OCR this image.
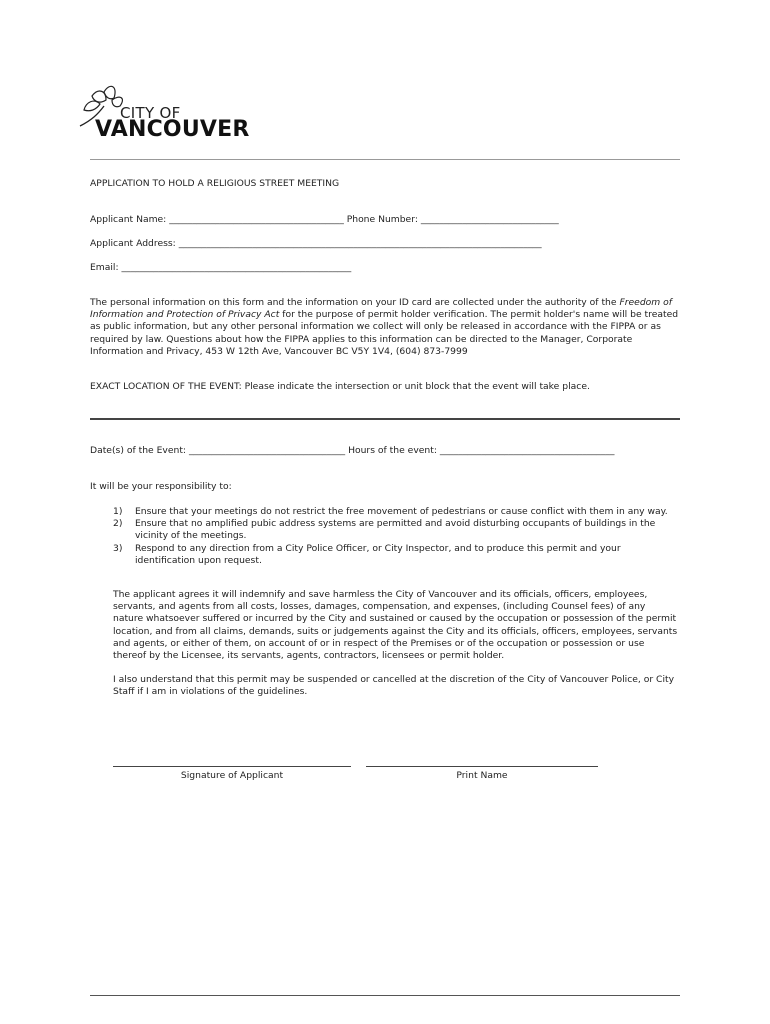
CITY OF
VANCOUVER
APPLICATION TO HOLD A RELIGIOUS STREET MEETING
Applicant Name: ______________________________________ Phone Number: ______________________________
Applicant Address: _______________________________________________________________________________
Email: __________________________________________________
The personal information on this form and the information on your ID card are collected under the authority of the Freedom of Information and Protection of Privacy Act for the purpose of permit holder verification. The permit holder's name will be treated as public information, but any other personal information we collect will only be released in accordance with the FIPPA or as required by law. Questions about how the FIPPA applies to this information can be directed to the Manager, Corporate Information and Privacy, 453 W 12th Ave, Vancouver BC V5Y 1V4, (604) 873-7999
EXACT LOCATION OF THE EVENT: Please indicate the intersection or unit block that the event will take place.
Date(s) of the Event: __________________________________ Hours of the event: ______________________________________
It will be your responsibility to:
1) Ensure that your meetings do not restrict the free movement of pedestrians or cause conflict with them in any way.
2) Ensure that no amplified pubic address systems are permitted and avoid disturbing occupants of buildings in the vicinity of the meetings.
3) Respond to any direction from a City Police Officer, or City Inspector, and to produce this permit and your identification upon request.
The applicant agrees it will indemnify and save harmless the City of Vancouver and its officials, officers, employees, servants, and agents from all costs, losses, damages, compensation, and expenses, (including Counsel fees) of any nature whatsoever suffered or incurred by the City and sustained or caused by the occupation or possession of the permit location, and from all claims, demands, suits or judgements against the City and its officials, officers, employees, servants and agents, or either of them, on account of or in respect of the Premises or of the occupation or possession or use thereof by the Licensee, its servants, agents, contractors, licensees or permit holder.
I also understand that this permit may be suspended or cancelled at the discretion of the City of Vancouver Police, or City Staff if I am in violations of the guidelines.
Signature of Applicant	Print Name
